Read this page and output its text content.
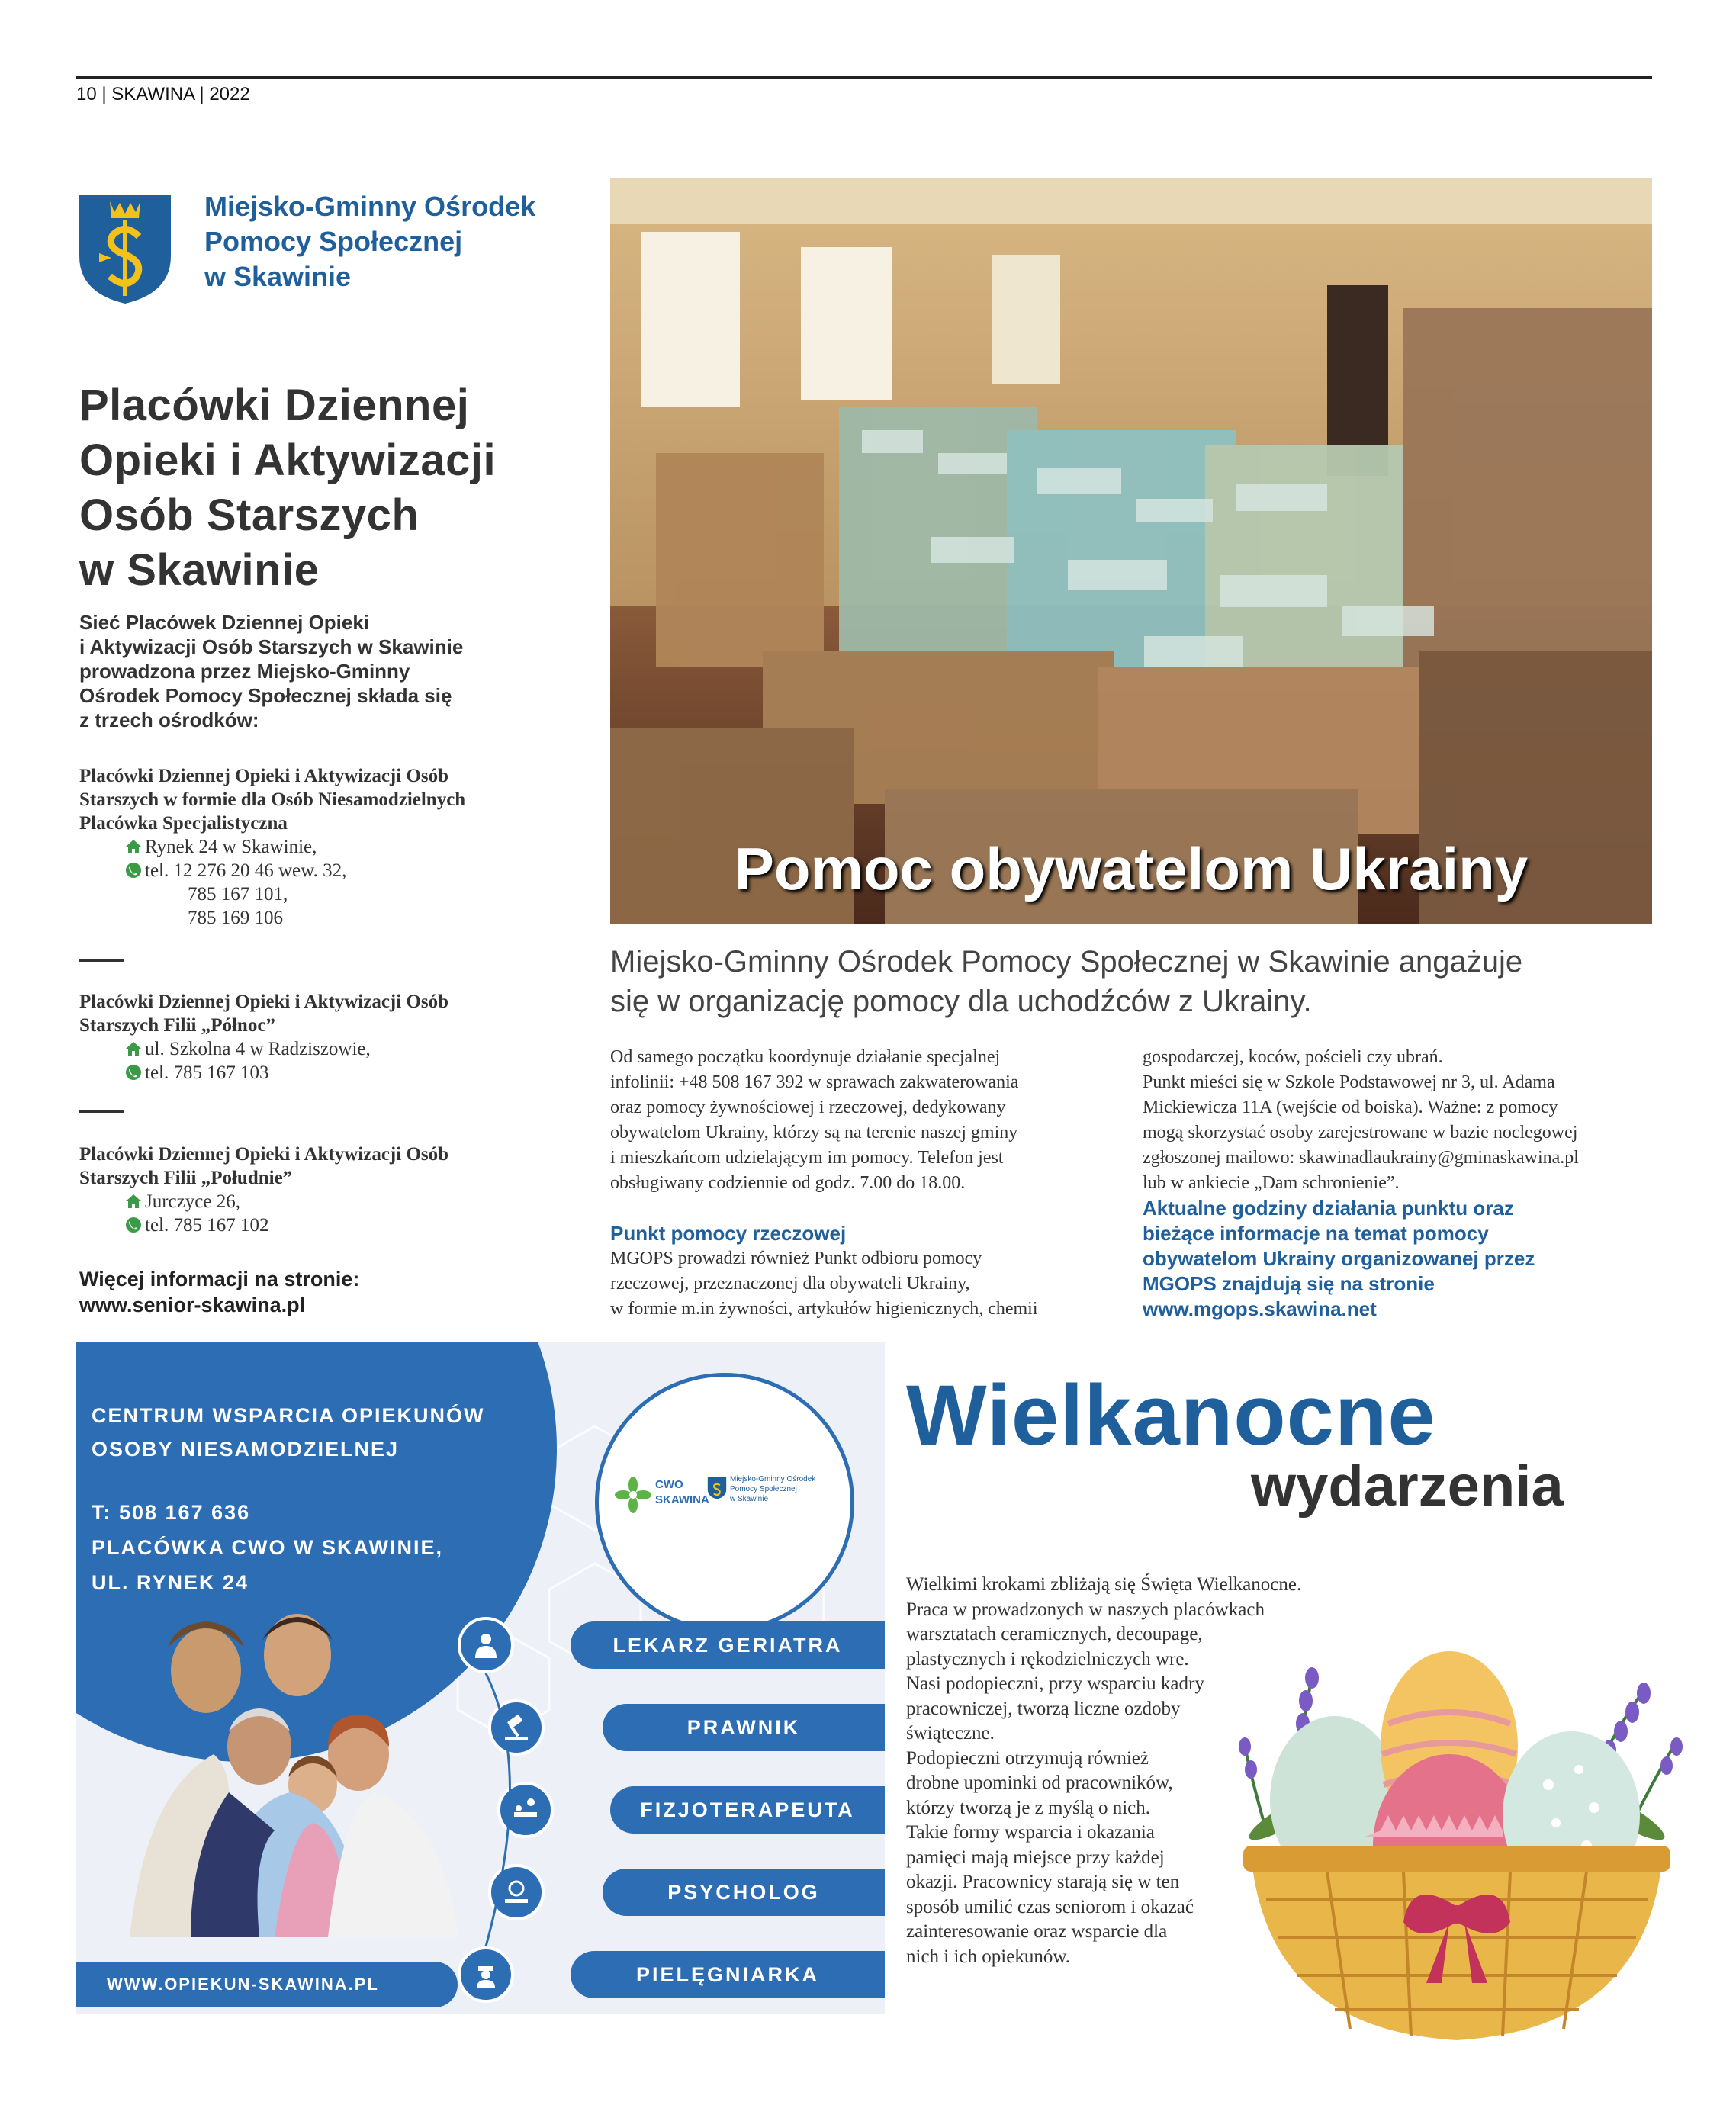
10 | SKAWINA | 2022
Miejsko-Gminny Ośrodek
Pomocy Społecznej
w Skawinie
Placówki Dziennej
Opieki i Aktywizacji
Osób Starszych
w Skawinie
Sieć Placówek Dziennej Opieki
i Aktywizacji Osób Starszych w Skawinie
prowadzona przez Miejsko-Gminny
Ośrodek Pomocy Społecznej składa się
z trzech ośrodków:
Placówki Dziennej Opieki i Aktywizacji Osób
Starszych w formie dla Osób Niesamodzielnych
Placówka Specjalistyczna
Rynek 24 w Skawinie,
tel. 12 276 20 46 wew. 32,
785 167 101,
785 169 106
Placówki Dziennej Opieki i Aktywizacji Osób
Starszych Filii „Północ”
ul. Szkolna 4 w Radziszowie,
tel. 785 167 103
Placówki Dziennej Opieki i Aktywizacji Osób
Starszych Filii „Południe”
Jurczyce 26,
tel. 785 167 102
Więcej informacji na stronie:
www.senior-skawina.pl
Pomoc obywatelom Ukrainy
Miejsko-Gminny Ośrodek Pomocy Społecznej w Skawinie angażuje
się w organizację pomocy dla uchodźców z Ukrainy.
Od samego początku koordynuje działanie specjalnej
infolinii: +48 508 167 392 w sprawach zakwaterowania
oraz pomocy żywnościowej i rzeczowej, dedykowany
obywatelom Ukrainy, którzy są na terenie naszej gminy
i mieszkańcom udzielającym im pomocy. Telefon jest
obsługiwany codziennie od godz. 7.00 do 18.00.
Punkt pomocy rzeczowej
MGOPS prowadzi również Punkt odbioru pomocy
rzeczowej, przeznaczonej dla obywateli Ukrainy,
w formie m.in żywności, artykułów higienicznych, chemii
gospodarczej, koców, pościeli czy ubrań.
Punkt mieści się w Szkole Podstawowej nr 3, ul. Adama
Mickiewicza 11A (wejście od boiska). Ważne: z pomocy
mogą skorzystać osoby zarejestrowane w bazie noclegowej
zgłoszonej mailowo: skawinadlaukrainy@gminaskawina.pl
lub w ankiecie „Dam schronienie”.
Aktualne godziny działania punktu oraz
bieżące informacje na temat pomocy
obywatelom Ukrainy organizowanej przez
MGOPS znajdują się na stronie
www.mgops.skawina.net
CENTRUM WSPARCIA OPIEKUNÓW
OSOBY NIESAMODZIELNEJ
T: 508 167 636
PLACÓWKA CWO W SKAWINIE,
UL. RYNEK 24
CWO
SKAWINA
Miejsko-Gminny Ośrodek
Pomocy Społecznej
w Skawinie
LEKARZ GERIATRA
PRAWNIK
FIZJOTERAPEUTA
PSYCHOLOG
PIELĘGNIARKA
WWW.OPIEKUN-SKAWINA.PL
Wielkanocne
wydarzenia
Wielkimi krokami zbliżają się Święta Wielkanocne.
Praca w prowadzonych w naszych placówkach
warsztatach ceramicznych, decoupage,
plastycznych i rękodzielniczych wre.
Nasi podopieczni, przy wsparciu kadry
pracowniczej, tworzą liczne ozdoby
świąteczne.
Podopieczni otrzymują również
drobne upominki od pracowników,
którzy tworzą je z myślą o nich.
Takie formy wsparcia i okazania
pamięci mają miejsce przy każdej
okazji. Pracownicy starają się w ten
sposób umilić czas seniorom i okazać
zainteresowanie oraz wsparcie dla
nich i ich opiekunów.
